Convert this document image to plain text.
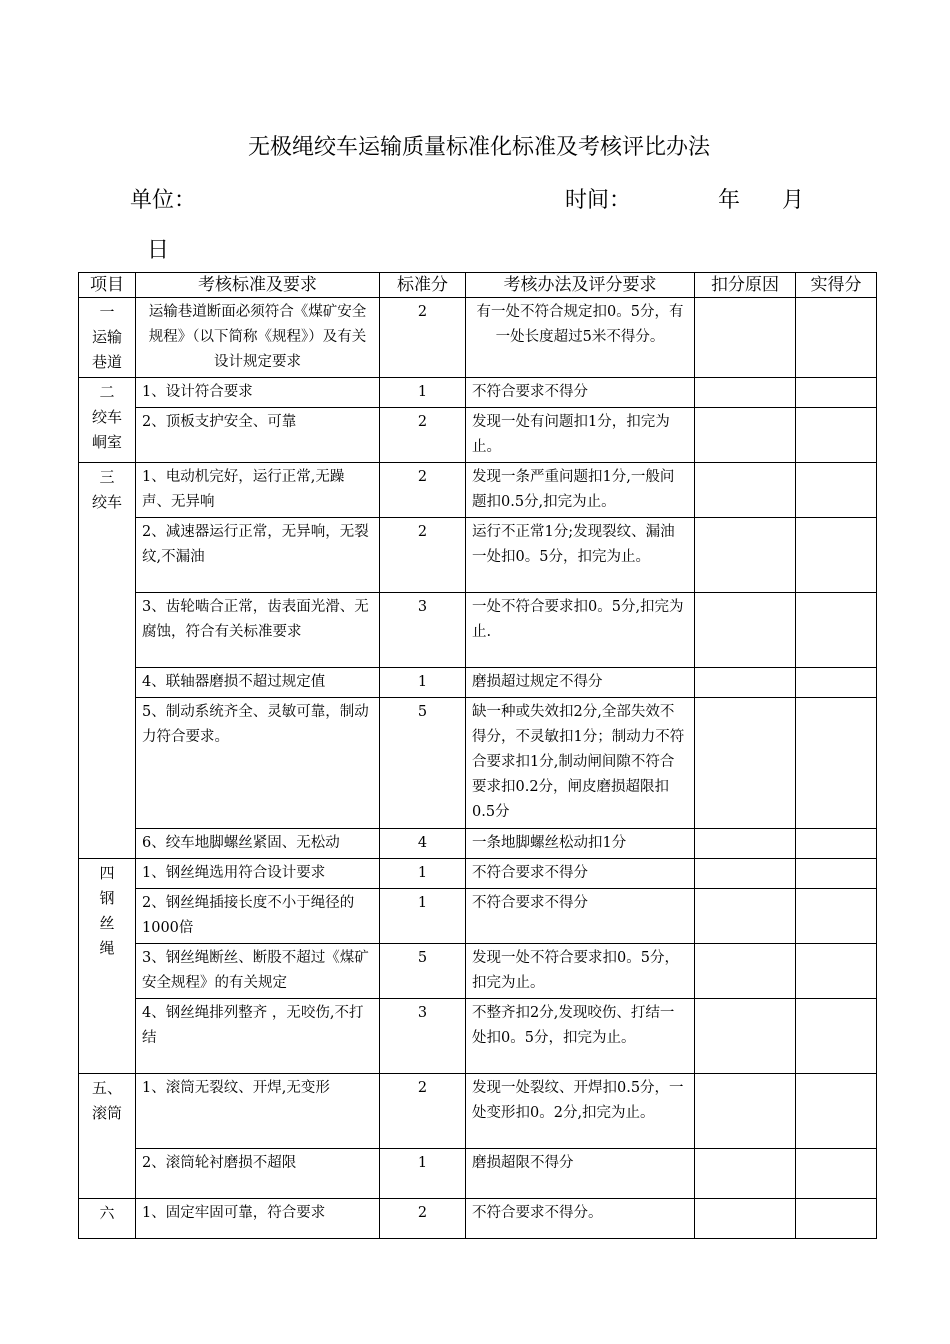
无极绳绞车运输质量标准化标准及考核评比办法
单位：	时间：	年 月
日
项目	考核标准及要求	标准分	考核办法及评分要求	扣分原因	实得分

一
运输
巷道	运输巷道断面必须符合《煤矿安全规程》（以下简称《规程》）及有关设计规定要求	2	有一处不符合规定扣0。5分，有一处长度超过5米不得分。		

二
绞车
峒室	1、设计符合要求	1	不符合要求不得分		
	2、顶板支护安全、可靠	2	发现一处有问题扣1分，扣完为止。		

三
绞车	1、电动机完好，运行正常,无躁声、无异响	2	发现一条严重问题扣1分,一般问题扣0.5分,扣完为止。		
	2、减速器运行正常，无异响，无裂纹,不漏油	2	运行不正常1分;发现裂纹、漏油一处扣0。5分，扣完为止。		
	3、齿轮啮合正常，齿表面光滑、无腐蚀，符合有关标准要求	3	一处不符合要求扣0。5分,扣完为止.		
	4、联轴器磨损不超过规定值	1	磨损超过规定不得分		
	5、制动系统齐全、灵敏可靠，制动力符合要求。	5	缺一种或失效扣2分,全部失效不得分，不灵敏扣1分；制动力不符合要求扣1分,制动闸间隙不符合要求扣0.2分，闸皮磨损超限扣0.5分		
	6、绞车地脚螺丝紧固、无松动	4	一条地脚螺丝松动扣1分		

四
钢
丝
绳	1、钢丝绳选用符合设计要求	1	不符合要求不得分		
	2、钢丝绳插接长度不小于绳径的1000倍	1	不符合要求不得分		
	3、钢丝绳断丝、断股不超过《煤矿安全规程》的有关规定	5	发现一处不符合要求扣0。5分，扣完为止。		
	4、钢丝绳排列整齐 ，无咬伤,不打结	3	不整齐扣2分,发现咬伤、打结一处扣0。5分，扣完为止。		

五、
滚筒	1、滚筒无裂纹、开焊,无变形	2	发现一处裂纹、开焊扣0.5分，一处变形扣0。2分,扣完为止。		
	2、滚筒轮衬磨损不超限	1	磨损超限不得分		

六	1、固定牢固可靠，符合要求	2	不符合要求不得分。		
